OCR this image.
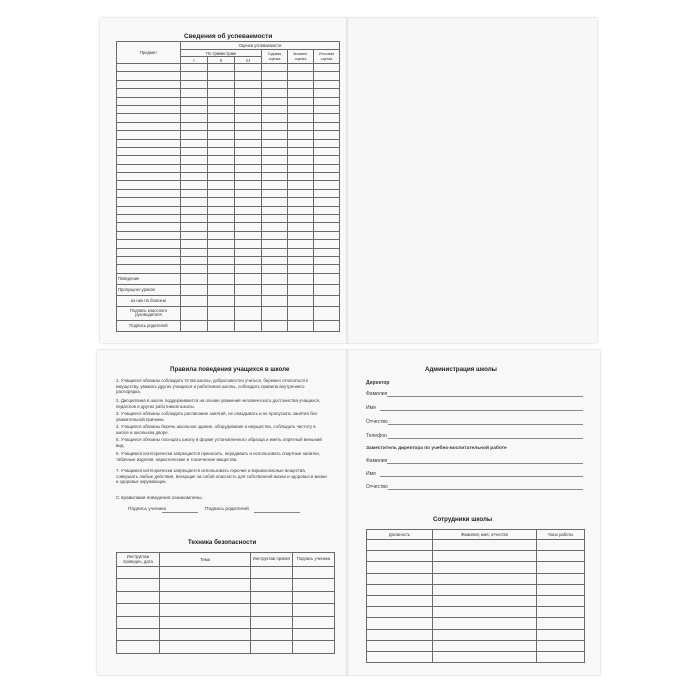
Сведения об успеваемости
Предмет	Оценка успеваемости					
	По триместрам			Годовая оценка	Экзамен. оценка	Итоговая оценка
	I	II	III			

Поведение						
Пропущено уроков						
из них по болезни						
Подпись классного руководителя						
Подпись родителей						
Правила поведения учащихся в школе

1. Учащиеся обязаны соблюдать Устав школы, добросовестно учиться, бережно относиться к имуществу, уважать других учащихся и работников школы, соблюдать правила внутреннего распорядка.

2. Дисциплина в школе поддерживается на основе уважения человеческого достоинства учащихся, педагогов и других работников школы.

3. Учащиеся обязаны соблюдать расписание занятий, не опаздывать и не пропускать занятия без уважительной причины.

4. Учащиеся обязаны беречь школьное здание, оборудование и имущество, соблюдать чистоту в школе и школьном дворе.

5. Учащиеся обязаны посещать школу в форме установленного образца и иметь опрятный внешний вид.

6. Учащимся категорически запрещается приносить, передавать и использовать спиртные напитки, табачные изделия, наркотические и токсические вещества.

7. Учащимся категорически запрещается использовать горючие и взрывоопасные вещества, совершать любые действия, влекущие за собой опасность для собственной жизни и здоровья и жизни и здоровья окружающих.

С правилами поведения ознакомлены.
Подпись ученика	Подпись родителей
Техника безопасности
Инструктаж проведен, дата	Тема	Инструктаж провел	Подпись ученика

Администрация школы
Директор
Фамилия
Имя
Отчество
Телефон
Заместитель директора по учебно-воспитательной работе
Фамилия
Имя
Отчество
Сотрудники школы
Должность	Фамилия, имя, отчество	Часы работы
